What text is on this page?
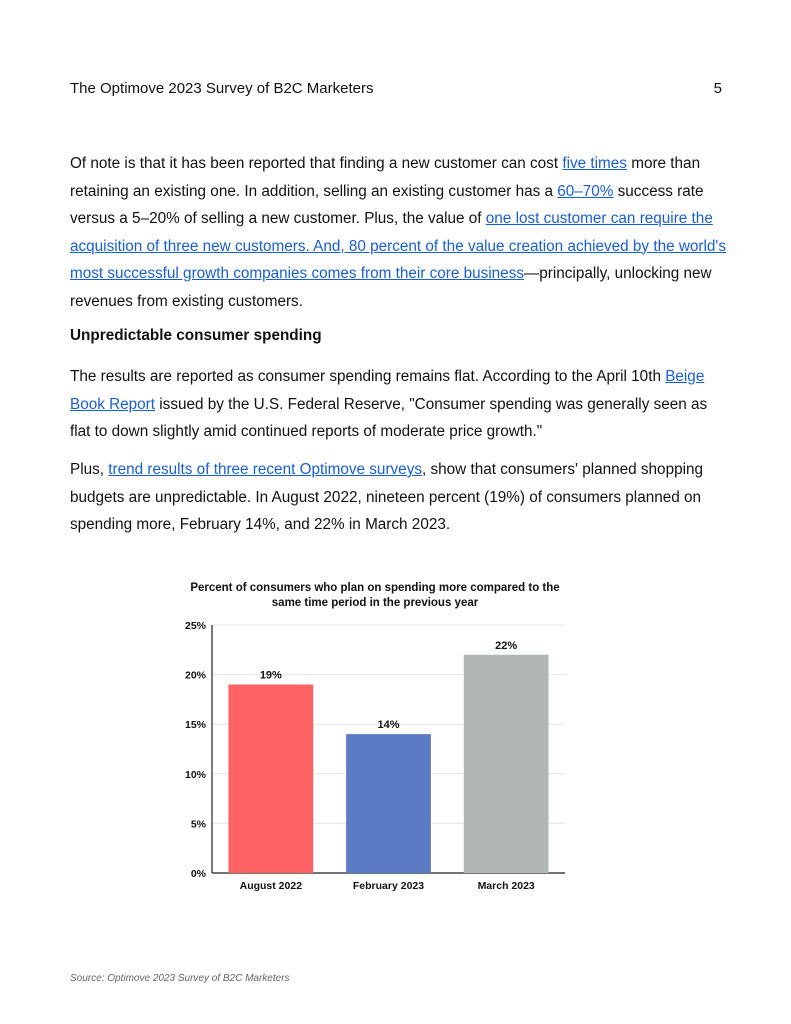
The Optimove 2023 Survey of B2C Marketers	5

Of note is that it has been reported that finding a new customer can cost five times more than retaining an existing one. In addition, selling an existing customer has a 60–70% success rate versus a 5–20% of selling a new customer. Plus, the value of one lost customer can require the acquisition of three new customers. And, 80 percent of the value creation achieved by the world's most successful growth companies comes from their core business—principally, unlocking new revenues from existing customers.

Unpredictable consumer spending

The results are reported as consumer spending remains flat. According to the April 10th Beige Book Report issued by the U.S. Federal Reserve, "Consumer spending was generally seen as flat to down slightly amid continued reports of moderate price growth."

Plus, trend results of three recent Optimove surveys, show that consumers' planned shopping budgets are unpredictable. In August 2022, nineteen percent (19%) of consumers planned on spending more, February 14%, and 22% in March 2023.

Percent of consumers who plan on spending more compared to the
same time period in the previous year
0%
5%
10%
15%
20%
25%
19%
14%
22%
August 2022	February 2023	March 2023
Source: Optimove 2023 Survey of B2C Marketers
